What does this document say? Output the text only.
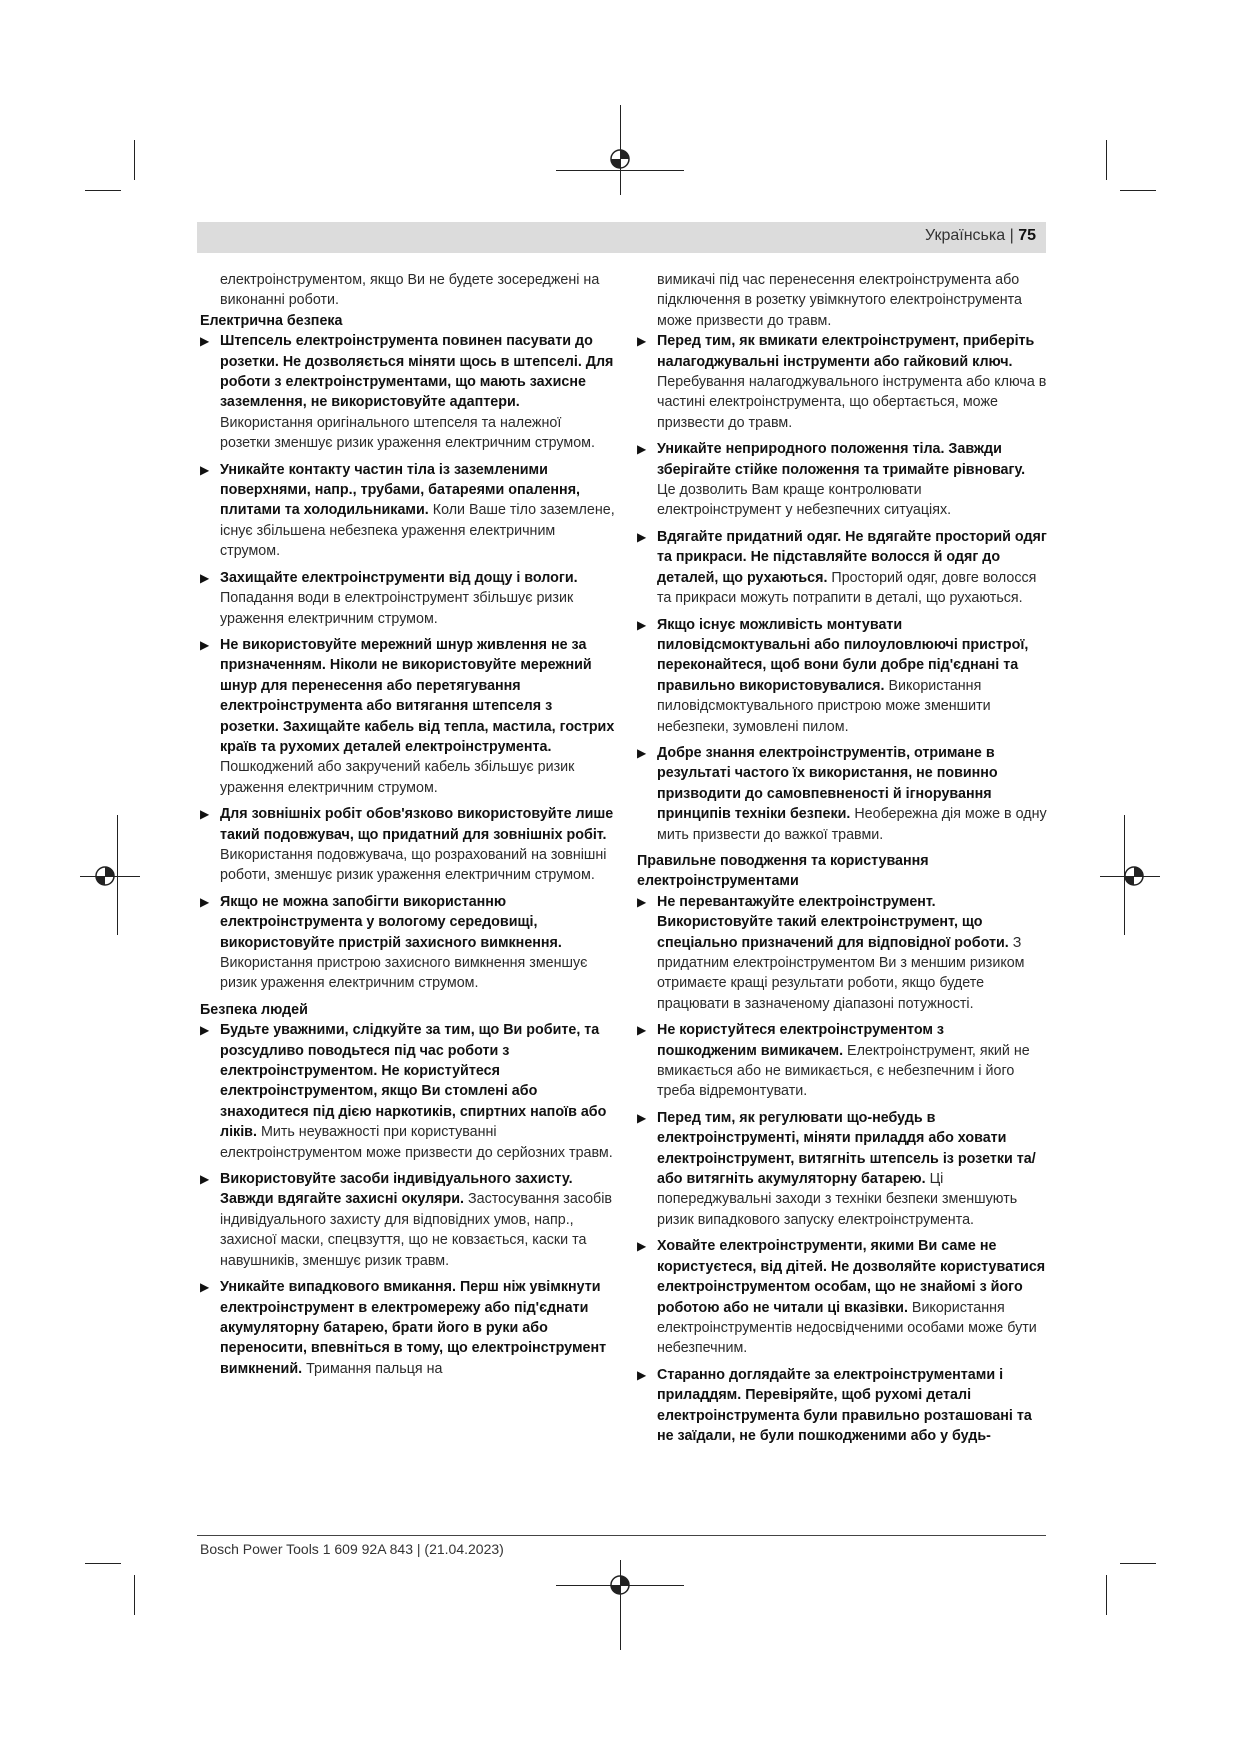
Українська | 75

електроінструментом, якщо Ви не будете зосереджені на виконанні роботи.

Електрична безпека

▶ Штепсель електроінструмента повинен пасувати до розетки. Не дозволяється міняти щось в штепселі. Для роботи з електроінструментами, що мають захисне заземлення, не використовуйте адаптери. Використання оригінального штепселя та належної розетки зменшує ризик ураження електричним струмом.
▶ Уникайте контакту частин тіла із заземленими поверхнями, напр., трубами, батареями опалення, плитами та холодильниками. Коли Ваше тіло заземлене, існує збільшена небезпека ураження електричним струмом.
▶ Захищайте електроінструменти від дощу і вологи. Попадання води в електроінструмент збільшує ризик ураження електричним струмом.
▶ Не використовуйте мережний шнур живлення не за призначенням. Ніколи не використовуйте мережний шнур для перенесення або перетягування електроінструмента або витягання штепселя з розетки. Захищайте кабель від тепла, мастила, гострих країв та рухомих деталей електроінструмента. Пошкоджений або закручений кабель збільшує ризик ураження електричним струмом.
▶ Для зовнішніх робіт обов'язково використовуйте лише такий подовжувач, що придатний для зовнішніх робіт. Використання подовжувача, що розрахований на зовнішні роботи, зменшує ризик ураження електричним струмом.
▶ Якщо не можна запобігти використанню електроінструмента у вологому середовищі, використовуйте пристрій захисного вимкнення. Використання пристрою захисного вимкнення зменшує ризик ураження електричним струмом.

Безпека людей

▶ Будьте уважними, слідкуйте за тим, що Ви робите, та розсудливо поводьтеся під час роботи з електроінструментом. Не користуйтеся електроінструментом, якщо Ви стомлені або знаходитеся під дією наркотиків, спиртних напоїв або ліків. Мить неуважності при користуванні електроінструментом може призвести до серйозних травм.
▶ Використовуйте засоби індивідуального захисту. Завжди вдягайте захисні окуляри. Застосування засобів індивідуального захисту для відповідних умов, напр., захисної маски, спецвзуття, що не ковзається, каски та навушників, зменшує ризик травм.
▶ Уникайте випадкового вмикання. Перш ніж увімкнути електроінструмент в електромережу або під'єднати акумуляторну батарею, брати його в руки або переносити, впевніться в тому, що електроінструмент вимкнений. Тримання пальця на

вимикачі під час перенесення електроінструмента або підключення в розетку увімкнутого електроінструмента може призвести до травм.

▶ Перед тим, як вмикати електроінструмент, приберіть налагоджувальні інструменти або гайковий ключ. Перебування налагоджувального інструмента або ключа в частині електроінструмента, що обертається, може призвести до травм.
▶ Уникайте неприродного положення тіла. Завжди зберігайте стійке положення та тримайте рівновагу. Це дозволить Вам краще контролювати електроінструмент у небезпечних ситуаціях.
▶ Вдягайте придатний одяг. Не вдягайте просторий одяг та прикраси. Не підставляйте волосся й одяг до деталей, що рухаються. Просторий одяг, довге волосся та прикраси можуть потрапити в деталі, що рухаються.
▶ Якщо існує можливість монтувати пиловідсмоктувальні або пилоуловлюючі пристрої, переконайтеся, щоб вони були добре під'єднані та правильно використовувалися. Використання пиловідсмоктувального пристрою може зменшити небезпеки, зумовлені пилом.
▶ Добре знання електроінструментів, отримане в результаті частого їх використання, не повинно призводити до самовпевненості й ігнорування принципів техніки безпеки. Необережна дія може в одну мить призвести до важкої травми.

Правильне поводження та користування електроінструментами

▶ Не перевантажуйте електроінструмент. Використовуйте такий електроінструмент, що спеціально призначений для відповідної роботи. З придатним електроінструментом Ви з меншим ризиком отримаєте кращі результати роботи, якщо будете працювати в зазначеному діапазоні потужності.
▶ Не користуйтеся електроінструментом з пошкодженим вимикачем. Електроінструмент, який не вмикається або не вимикається, є небезпечним і його треба відремонтувати.
▶ Перед тим, як регулювати що-небудь в електроінструменті, міняти приладдя або ховати електроінструмент, витягніть штепсель із розетки та/або витягніть акумуляторну батарею. Ці попереджувальні заходи з техніки безпеки зменшують ризик випадкового запуску електроінструмента.
▶ Ховайте електроінструменти, якими Ви саме не користуєтеся, від дітей. Не дозволяйте користуватися електроінструментом особам, що не знайомі з його роботою або не читали ці вказівки. Використання електроінструментів недосвідченими особами може бути небезпечним.
▶ Старанно доглядайте за електроінструментами і приладдям. Перевіряйте, щоб рухомі деталі електроінструмента були правильно розташовані та не заїдали, не були пошкодженими або у будь-
Bosch Power Tools 1 609 92A 843 | (21.04.2023)
